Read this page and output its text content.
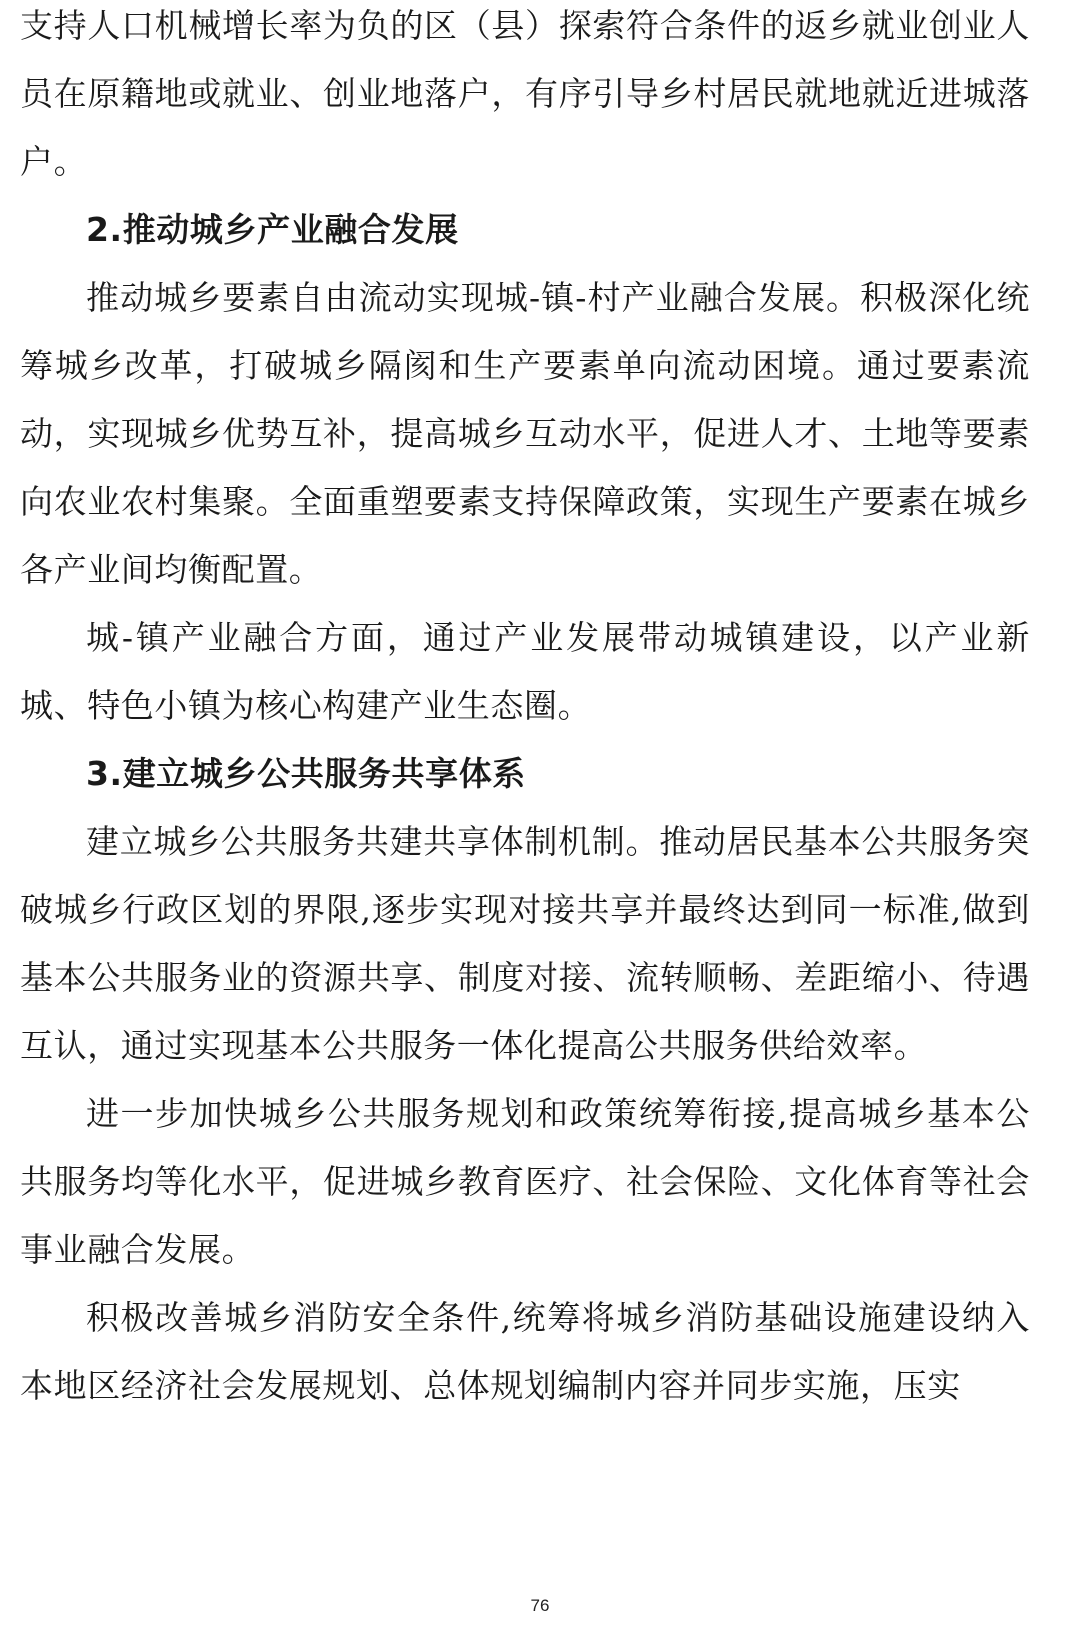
支持人口机械增长率为负的区（县）探索符合条件的返乡就业创业人员在原籍地或就业、创业地落户，有序引导乡村居民就地就近进城落户。

2.推动城乡产业融合发展

推动城乡要素自由流动实现城-镇-村产业融合发展。积极深化统筹城乡改革，打破城乡隔阂和生产要素单向流动困境。通过要素流动，实现城乡优势互补，提高城乡互动水平，促进人才、土地等要素向农业农村集聚。全面重塑要素支持保障政策，实现生产要素在城乡各产业间均衡配置。

城-镇产业融合方面，通过产业发展带动城镇建设，以产业新城、特色小镇为核心构建产业生态圈。

3.建立城乡公共服务共享体系

建立城乡公共服务共建共享体制机制。推动居民基本公共服务突破城乡行政区划的界限,逐步实现对接共享并最终达到同一标准,做到基本公共服务业的资源共享、制度对接、流转顺畅、差距缩小、待遇互认，通过实现基本公共服务一体化提高公共服务供给效率。

进一步加快城乡公共服务规划和政策统筹衔接,提高城乡基本公共服务均等化水平，促进城乡教育医疗、社会保险、文化体育等社会事业融合发展。

积极改善城乡消防安全条件,统筹将城乡消防基础设施建设纳入本地区经济社会发展规划、总体规划编制内容并同步实施，压实

76
